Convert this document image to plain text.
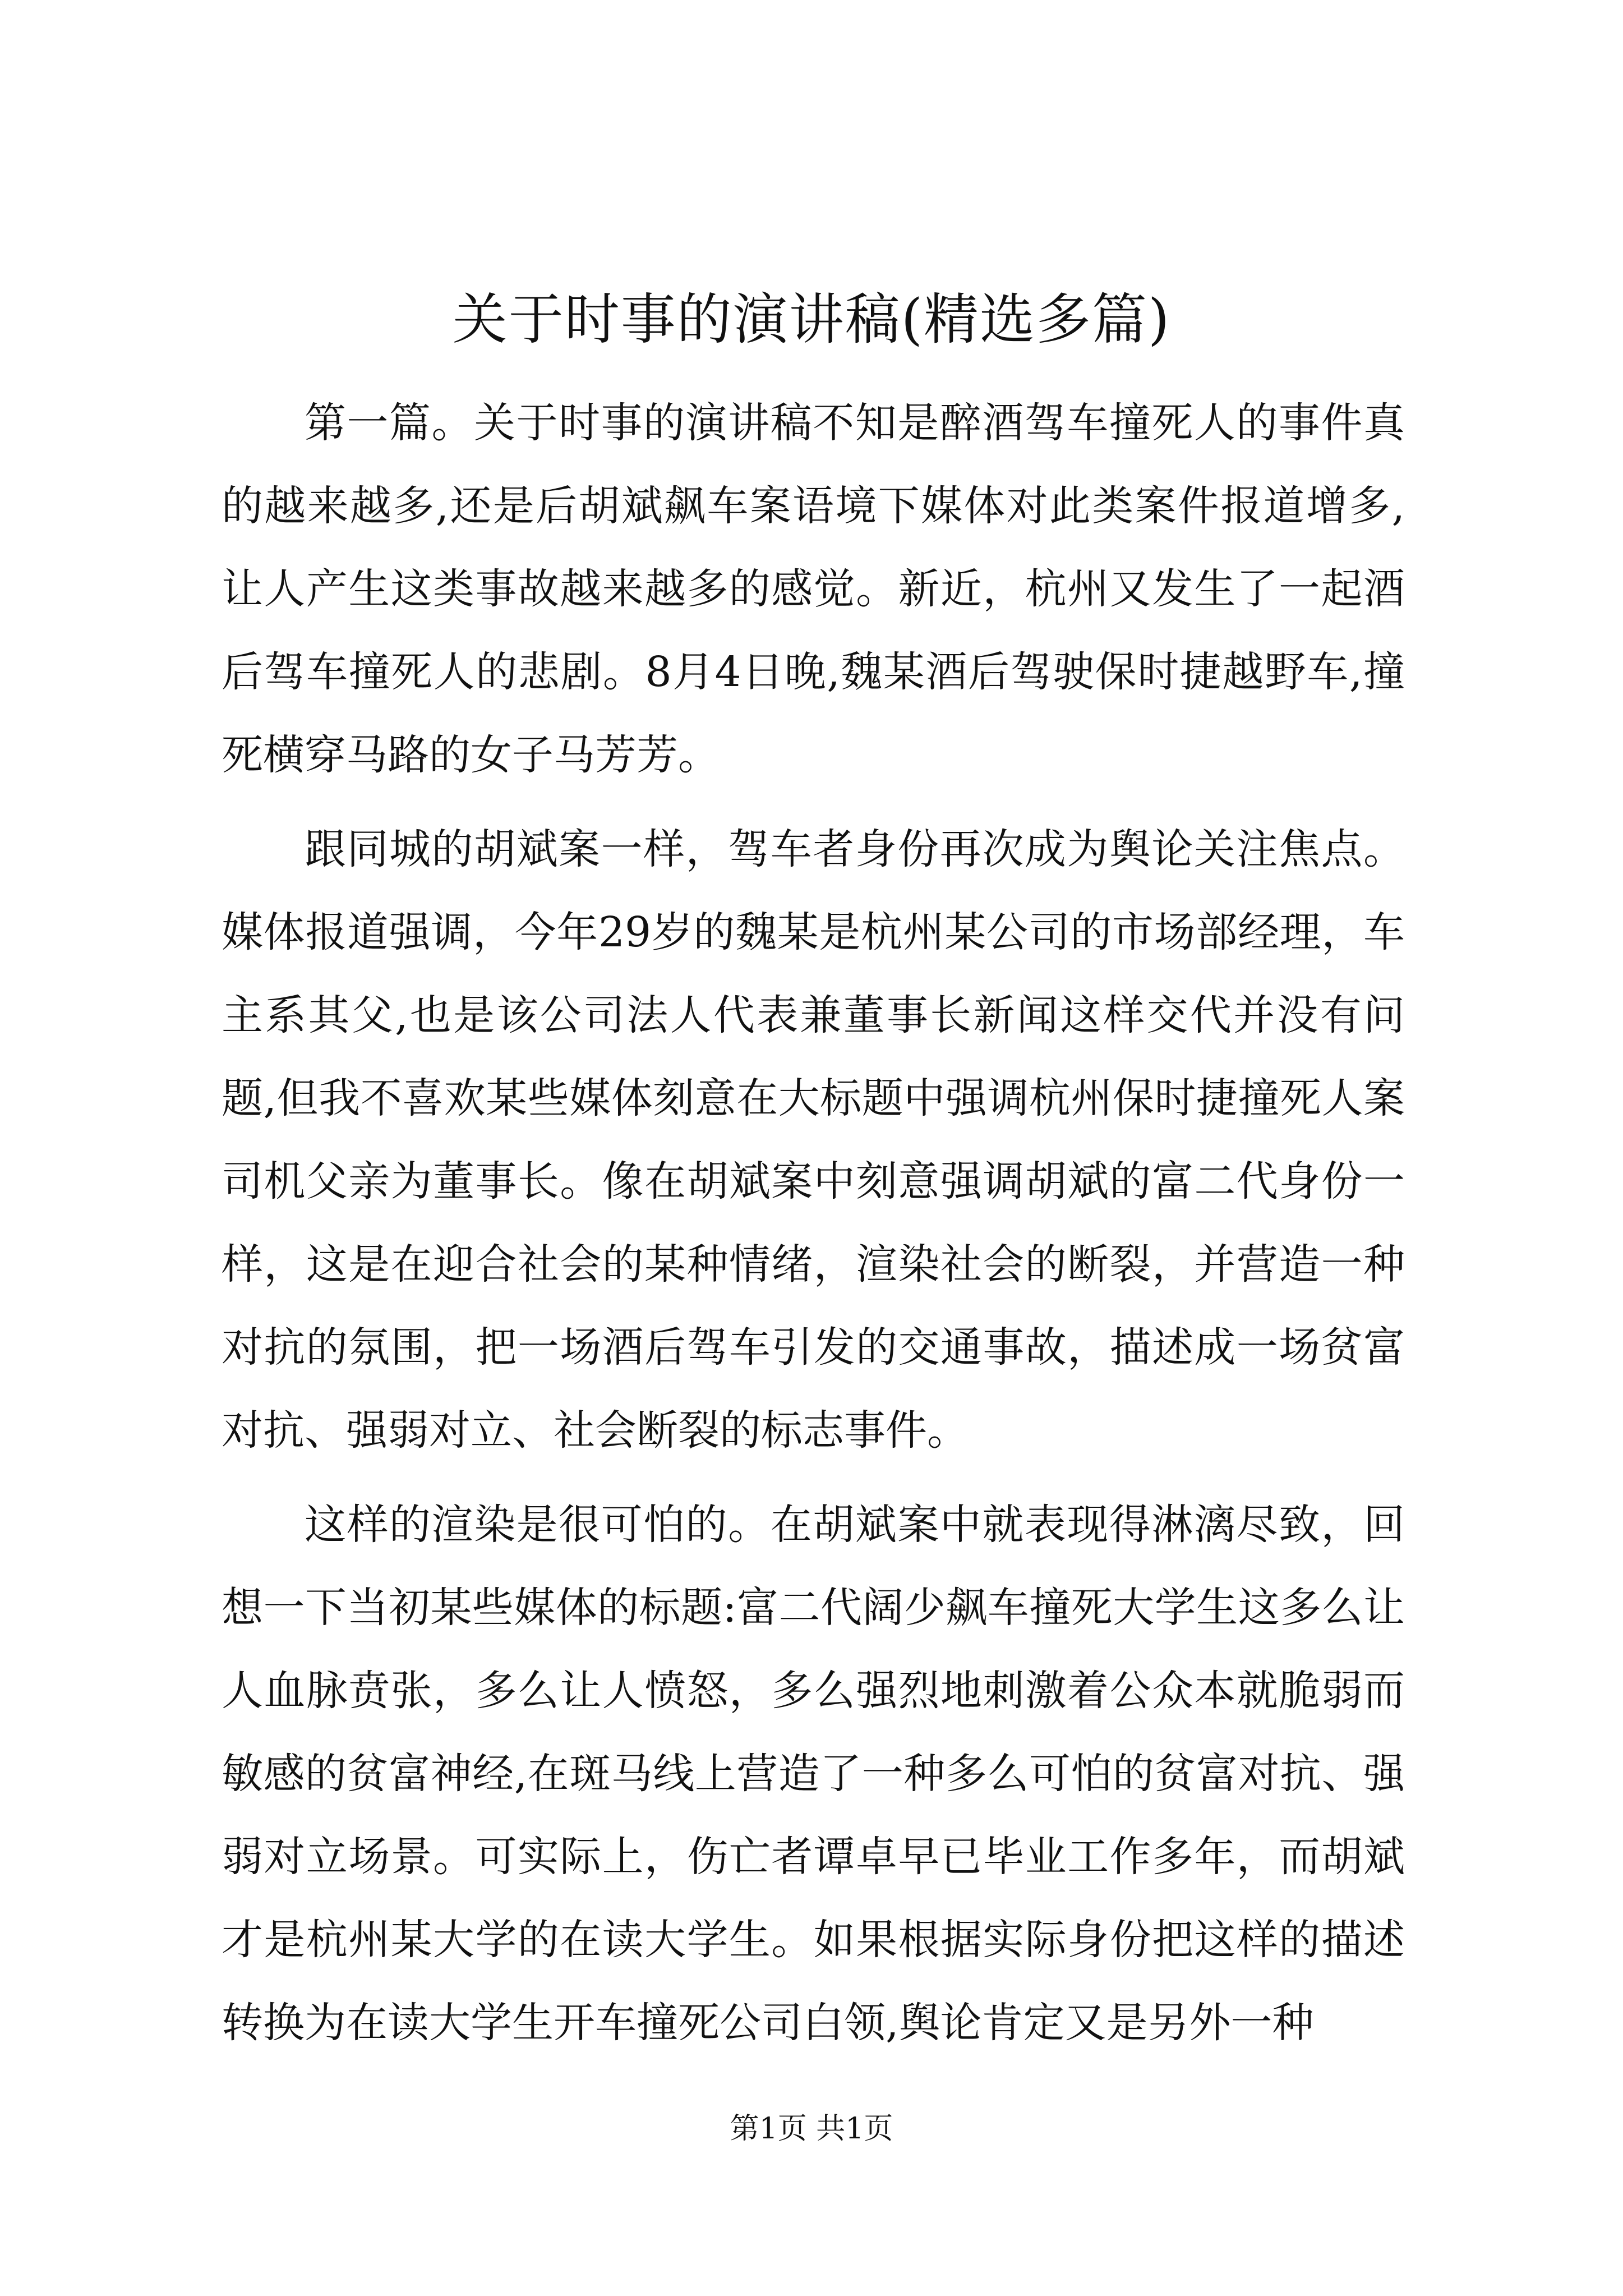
关于时事的演讲稿(精选多篇)

第一篇。关于时事的演讲稿不知是醉酒驾车撞死人的事件真的越来越多,还是后胡斌飙车案语境下媒体对此类案件报道增多,让人产生这类事故越来越多的感觉。新近，杭州又发生了一起酒后驾车撞死人的悲剧。8月4日晚,魏某酒后驾驶保时捷越野车,撞死横穿马路的女子马芳芳。

跟同城的胡斌案一样，驾车者身份再次成为舆论关注焦点。媒体报道强调，今年29岁的魏某是杭州某公司的市场部经理，车主系其父,也是该公司法人代表兼董事长新闻这样交代并没有问题,但我不喜欢某些媒体刻意在大标题中强调杭州保时捷撞死人案司机父亲为董事长。像在胡斌案中刻意强调胡斌的富二代身份一样，这是在迎合社会的某种情绪，渲染社会的断裂，并营造一种对抗的氛围，把一场酒后驾车引发的交通事故，描述成一场贫富对抗、强弱对立、社会断裂的标志事件。

这样的渲染是很可怕的。在胡斌案中就表现得淋漓尽致，回想一下当初某些媒体的标题:富二代阔少飙车撞死大学生这多么让人血脉贲张，多么让人愤怒，多么强烈地刺激着公众本就脆弱而敏感的贫富神经,在斑马线上营造了一种多么可怕的贫富对抗、强弱对立场景。可实际上，伤亡者谭卓早已毕业工作多年，而胡斌才是杭州某大学的在读大学生。如果根据实际身份把这样的描述转换为在读大学生开车撞死公司白领,舆论肯定又是另外一种

第1页 共1页
